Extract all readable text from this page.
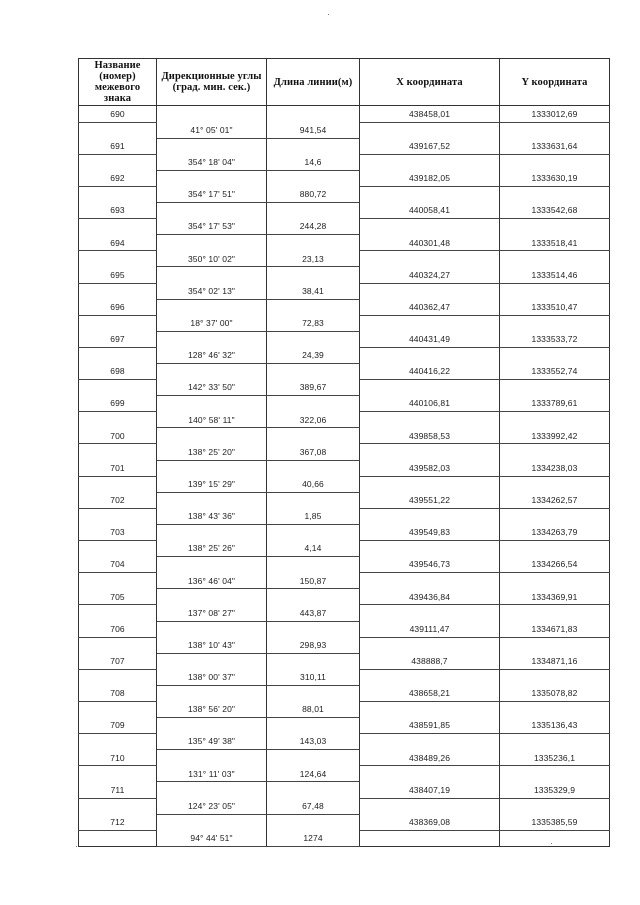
Название (номер) межевого знака	Дирекционные углы (град. мин. сек.)	Длина линии(м)	X координата	Y координата
690			438458,01	1333012,69
	41° 05' 01"	941,54		
691			439167,52	1333631,64
	354° 18' 04"	14,6		
692			439182,05	1333630,19
	354° 17' 51"	880,72		
693			440058,41	1333542,68
	354° 17' 53"	244,28		
694			440301,48	1333518,41
	350° 10' 02"	23,13		
695			440324,27	1333514,46
	354° 02' 13"	38,41		
696			440362,47	1333510,47
	18° 37' 00"	72,83		
697			440431,49	1333533,72
	128° 46' 32"	24,39		
698			440416,22	1333552,74
	142° 33' 50"	389,67		
699			440106,81	1333789,61
	140° 58' 11"	322,06		
700			439858,53	1333992,42
	138° 25' 20"	367,08		
701			439582,03	1334238,03
	139° 15' 29"	40,66		
702			439551,22	1334262,57
	138° 43' 36"	1,85		
703			439549,83	1334263,79
	138° 25' 26"	4,14		
704			439546,73	1334266,54
	136° 46' 04"	150,87		
705			439436,84	1334369,91
	137° 08' 27"	443,87		
706			439111,47	1334671,83
	138° 10' 43"	298,93		
707			438888,7	1334871,16
	138° 00' 37"	310,11		
708			438658,21	1335078,82
	138° 56' 20"	88,01		
709			438591,85	1335136,43
	135° 49' 38"	143,03		
710			438489,26	1335236,1
	131° 11' 03"	124,64		
711			438407,19	1335329,9
	124° 23' 05"	67,48		
712			438369,08	1335385,59
	94° 44' 51"	1274		
